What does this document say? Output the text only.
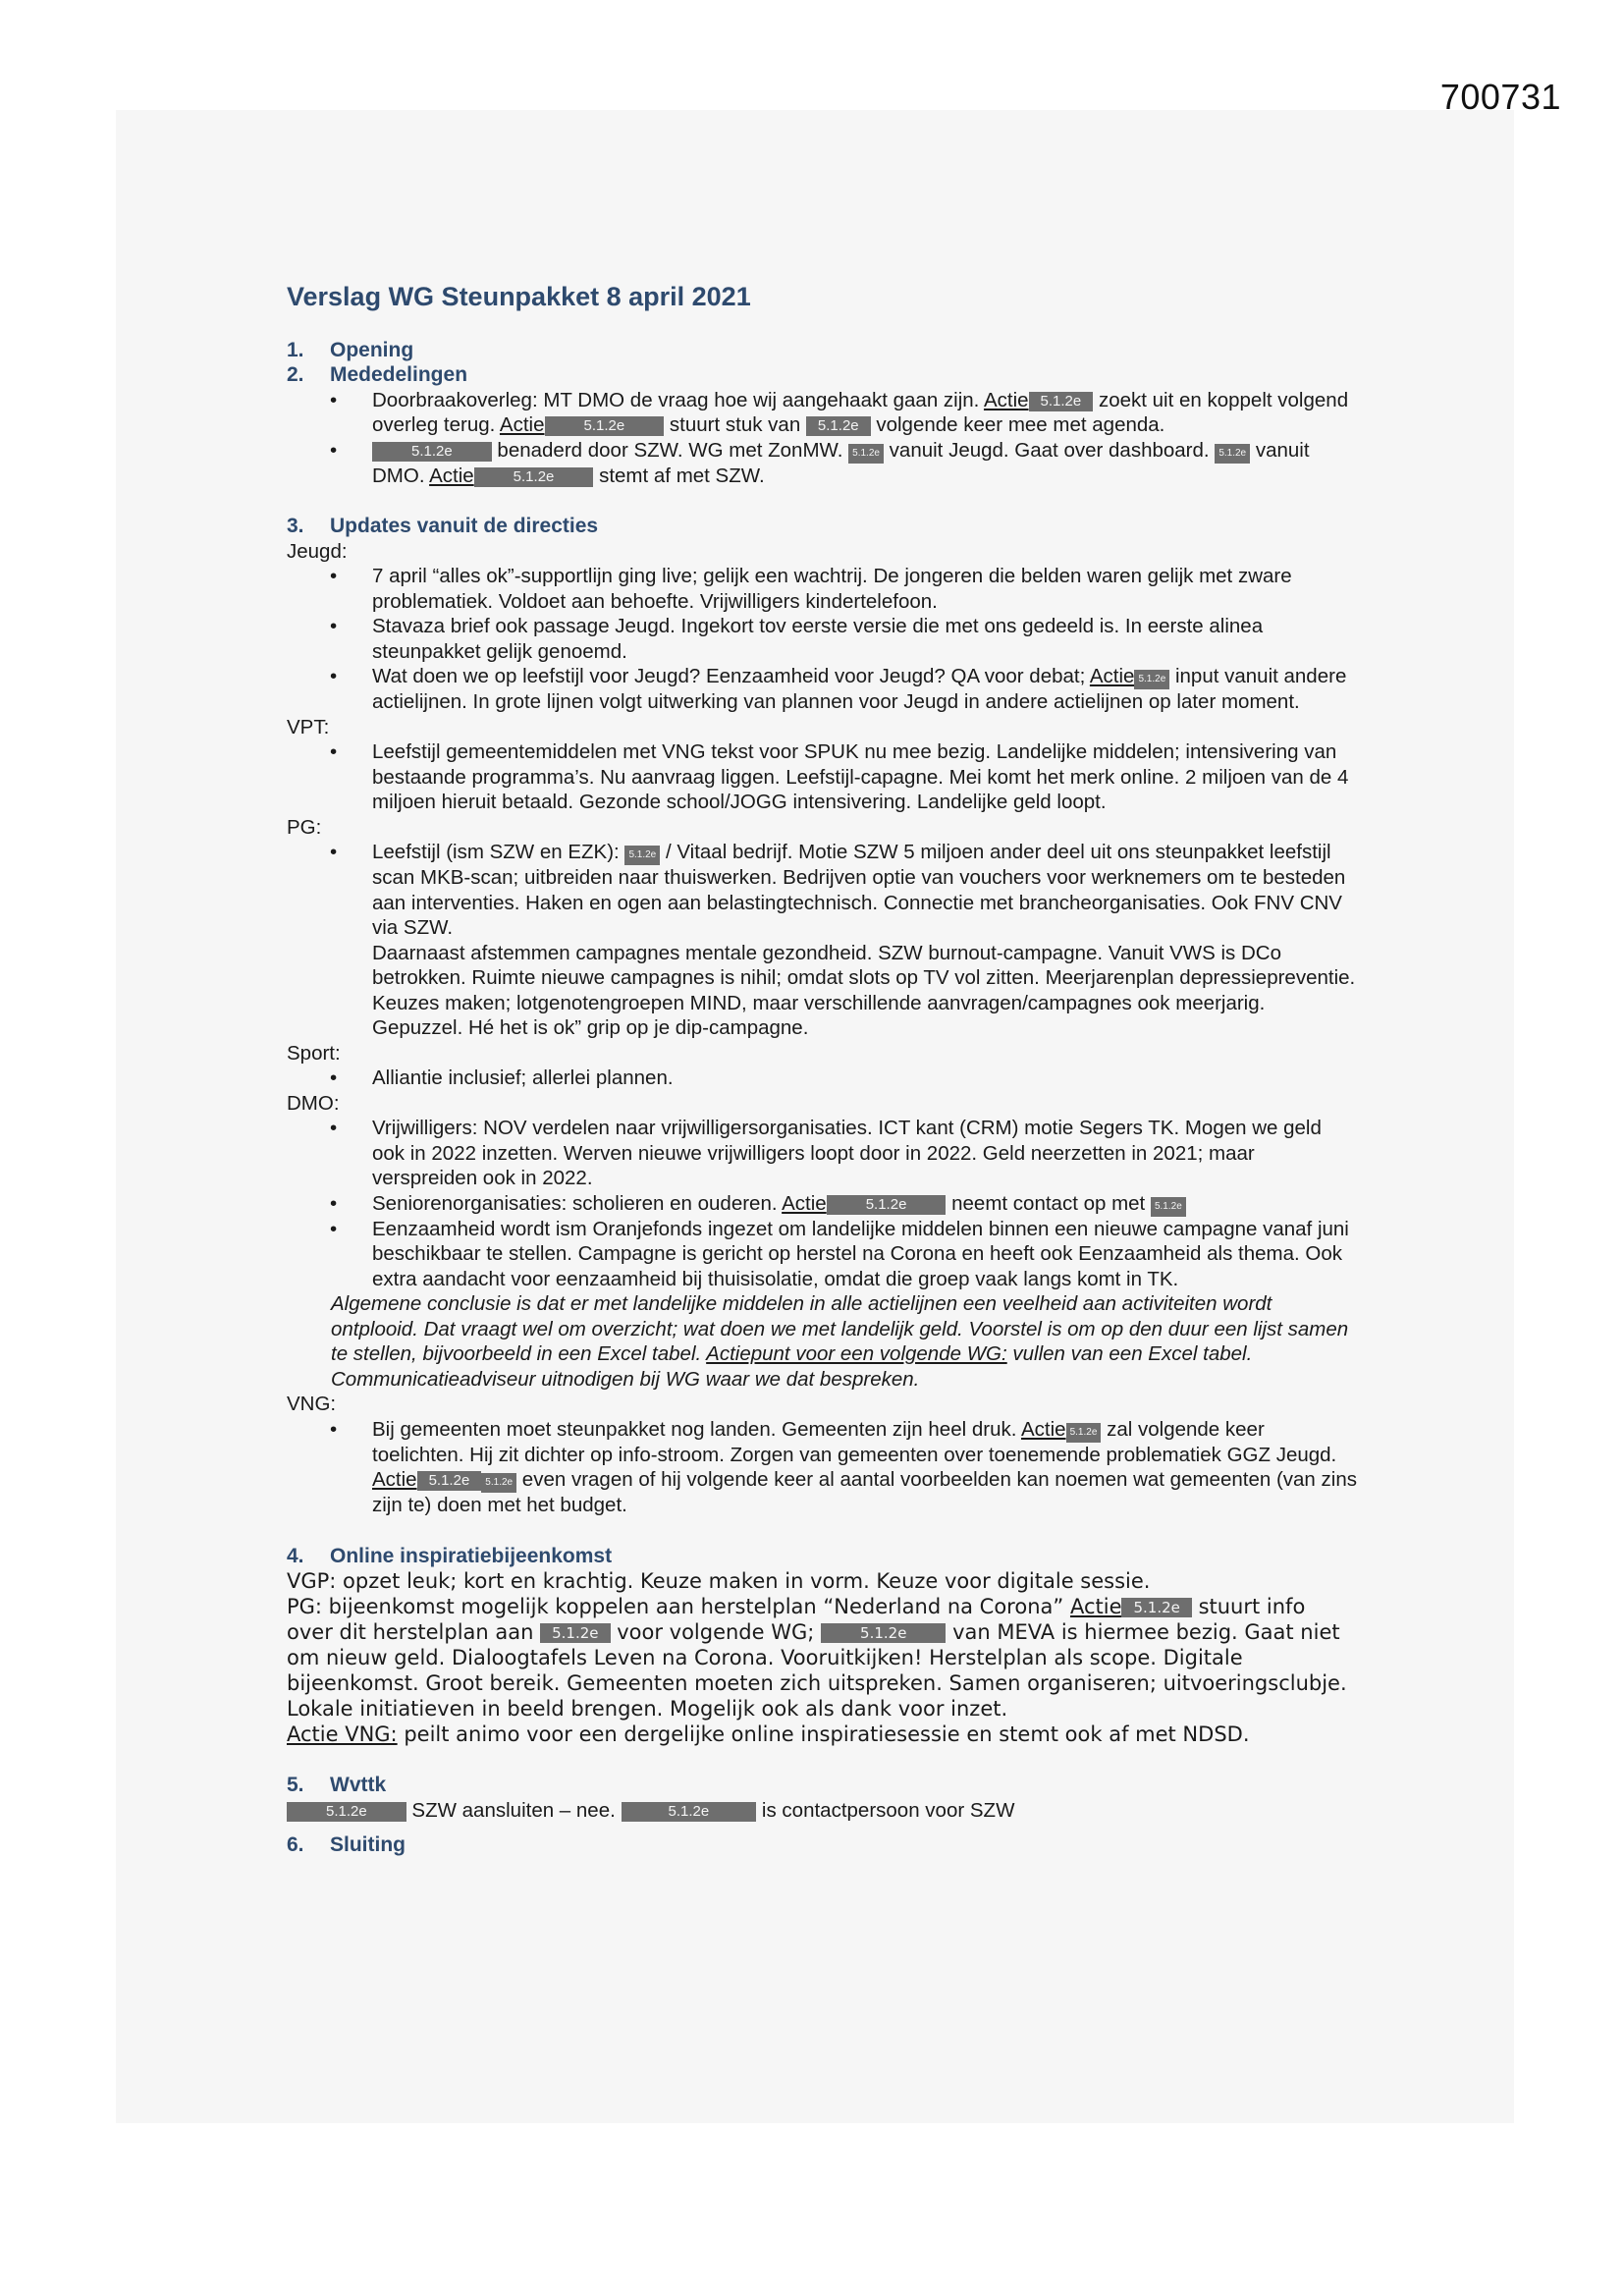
700731
Verslag WG Steunpakket 8 april 2021

1. Opening

2. Mededelingen

• Doorbraakoverleg: MT DMO de vraag hoe wij aangehaakt gaan zijn. Actie 5.1.2e zoekt uit en koppelt volgend overleg terug. Actie	5.1.2e stuurt stuk van 5.1.2e volgende keer mee met agenda.
• 5.1.2e benaderd door SZW. WG met ZonMW. 5.1.2e vanuit Jeugd. Gaat over dashboard. 5.1.2e vanuit DMO. Actie	5.1.2e stemt af met SZW.

3. Updates vanuit de directies

Jeugd:

• 7 april “alles ok”-supportlijn ging live; gelijk een wachtrij. De jongeren die belden waren gelijk met zware problematiek. Voldoet aan behoefte. Vrijwilligers kindertelefoon.
• Stavaza brief ook passage Jeugd. Ingekort tov eerste versie die met ons gedeeld is. In eerste alinea steunpakket gelijk genoemd.
• Wat doen we op leefstijl voor Jeugd? Eenzaamheid voor Jeugd? QA voor debat; Actie 5.1.2e input vanuit andere actielijnen. In grote lijnen volgt uitwerking van plannen voor Jeugd in andere actielijnen op later moment.

VPT:

• Leefstijl gemeentemiddelen met VNG tekst voor SPUK nu mee bezig. Landelijke middelen; intensivering van bestaande programma’s. Nu aanvraag liggen. Leefstijl-capagne. Mei komt het merk online. 2 miljoen van de 4 miljoen hieruit betaald. Gezonde school/JOGG intensivering. Landelijke geld loopt.

PG:

• Leefstijl (ism SZW en EZK): 5.1.2e / Vitaal bedrijf. Motie SZW 5 miljoen ander deel uit ons steunpakket leefstijl scan MKB-scan; uitbreiden naar thuiswerken. Bedrijven optie van vouchers voor werknemers om te besteden aan interventies. Haken en ogen aan belastingtechnisch. Connectie met brancheorganisaties. Ook FNV CNV via SZW.

Daarnaast afstemmen campagnes mentale gezondheid. SZW burnout-campagne. Vanuit VWS is DCo betrokken. Ruimte nieuwe campagnes is nihil; omdat slots op TV vol zitten. Meerjarenplan depressiepreventie. Keuzes maken; lotgenotengroepen MIND, maar verschillende aanvragen/campagnes ook meerjarig. Gepuzzel. Hé het is ok” grip op je dip-campagne.

Sport:

• Alliantie inclusief; allerlei plannen.

DMO:

• Vrijwilligers: NOV verdelen naar vrijwilligersorganisaties. ICT kant (CRM) motie Segers TK. Mogen we geld ook in 2022 inzetten. Werven nieuwe vrijwilligers loopt door in 2022. Geld neerzetten in 2021; maar verspreiden ook in 2022.
• Seniorenorganisaties: scholieren en ouderen. Actie	5.1.2e neemt contact op met 5.1.2e
• Eenzaamheid wordt ism Oranjefonds ingezet om landelijke middelen binnen een nieuwe campagne vanaf juni beschikbaar te stellen. Campagne is gericht op herstel na Corona en heeft ook Eenzaamheid als thema. Ook extra aandacht voor eenzaamheid bij thuisisolatie, omdat die groep vaak langs komt in TK.

Algemene conclusie is dat er met landelijke middelen in alle actielijnen een veelheid aan activiteiten wordt ontplooid. Dat vraagt wel om overzicht; wat doen we met landelijk geld. Voorstel is om op den duur een lijst samen te stellen, bijvoorbeeld in een Excel tabel. Actiepunt voor een volgende WG: vullen van een Excel tabel. Communicatieadviseur uitnodigen bij WG waar we dat bespreken.

VNG:

• Bij gemeenten moet steunpakket nog landen. Gemeenten zijn heel druk. Actie 5.1.2e zal volgende keer toelichten. Hij zit dichter op info-stroom. Zorgen van gemeenten over toenemende problematiek GGZ Jeugd. Actie 5.1.2e 5.1.2e even vragen of hij volgende keer al aantal voorbeelden kan noemen wat gemeenten (van zins zijn te) doen met het budget.

4. Online inspiratiebijeenkomst

VGP: opzet leuk; kort en krachtig. Keuze maken in vorm. Keuze voor digitale sessie.
PG: bijeenkomst mogelijk koppelen aan herstelplan “Nederland na Corona” Actie 5.1.2e stuurt info over dit herstelplan aan 5.1.2e voor volgende WG;	5.1.2e van MEVA is hiermee bezig. Gaat niet om nieuw geld. Dialoogtafels Leven na Corona. Vooruitkijken! Herstelplan als scope. Digitale bijeenkomst. Groot bereik. Gemeenten moeten zich uitspreken. Samen organiseren; uitvoeringsclubje. Lokale initiatieven in beeld brengen. Mogelijk ook als dank voor inzet.
Actie VNG: peilt animo voor een dergelijke online inspiratiesessie en stemt ook af met NDSD.

5. Wvttk

5.1.2e SZW aansluiten – nee.	5.1.2e is contactpersoon voor SZW

6. Sluiting
